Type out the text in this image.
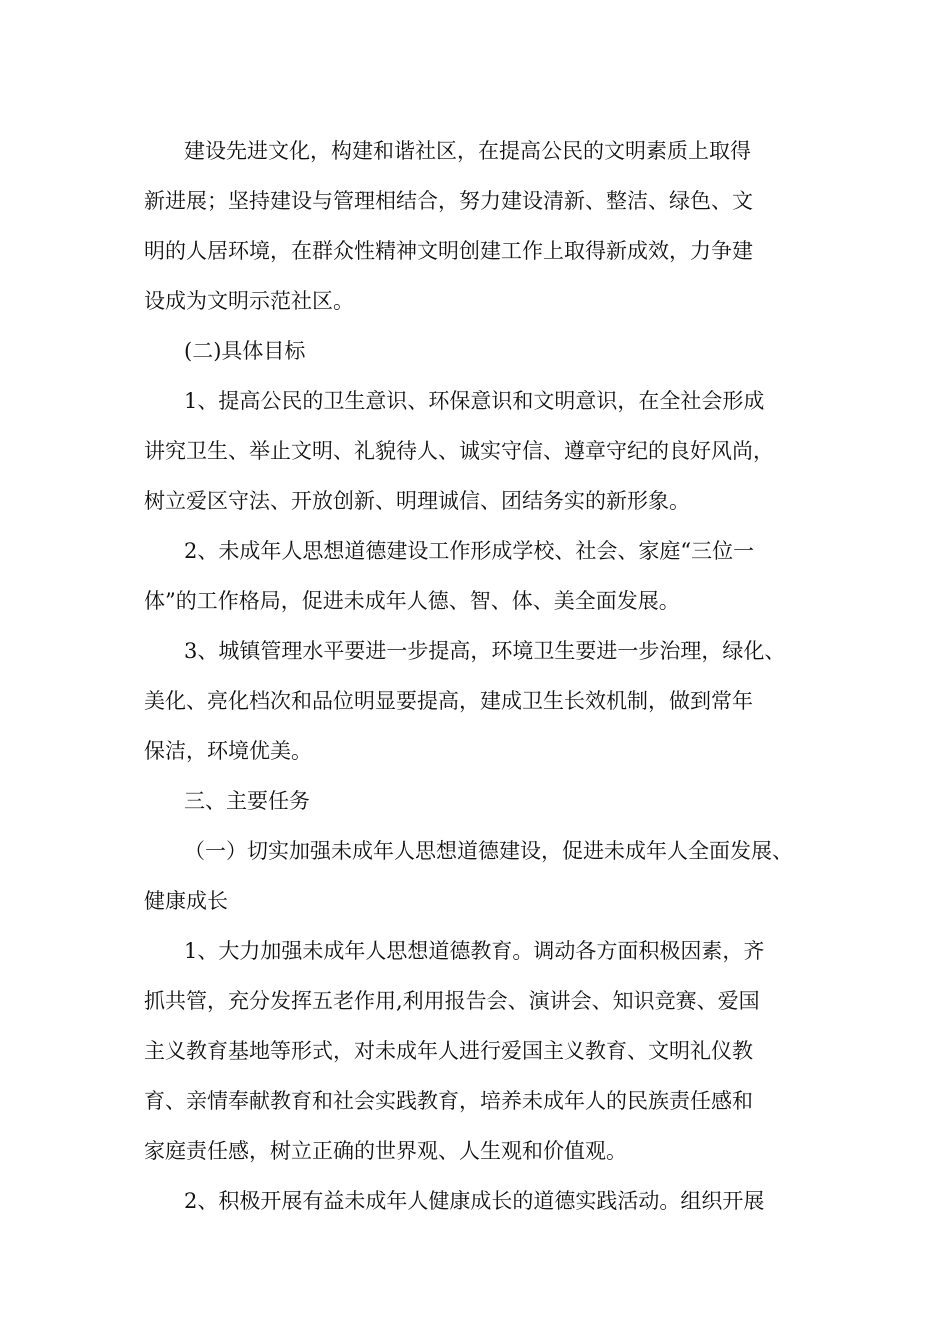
建设先进文化，构建和谐社区，在提高公民的文明素质上取得
新进展；坚持建设与管理相结合，努力建设清新、整洁、绿色、文
明的人居环境，在群众性精神文明创建工作上取得新成效，力争建
设成为文明示范社区。
(二)具体目标
1、提高公民的卫生意识、环保意识和文明意识，在全社会形成
讲究卫生、举止文明、礼貌待人、诚实守信、遵章守纪的良好风尚，
树立爱区守法、开放创新、明理诚信、团结务实的新形象。
2、未成年人思想道德建设工作形成学校、社会、家庭“三位一
体”的工作格局，促进未成年人德、智、体、美全面发展。
3、城镇管理水平要进一步提高，环境卫生要进一步治理，绿化、
美化、亮化档次和品位明显要提高，建成卫生长效机制，做到常年
保洁，环境优美。
三、主要任务
（一）切实加强未成年人思想道德建设，促进未成年人全面发展、
健康成长
1、大力加强未成年人思想道德教育。调动各方面积极因素，齐
抓共管，充分发挥五老作用,利用报告会、演讲会、知识竞赛、爱国
主义教育基地等形式，对未成年人进行爱国主义教育、文明礼仪教
育、亲情奉献教育和社会实践教育，培养未成年人的民族责任感和
家庭责任感，树立正确的世界观、人生观和价值观。
2、积极开展有益未成年人健康成长的道德实践活动。组织开展
